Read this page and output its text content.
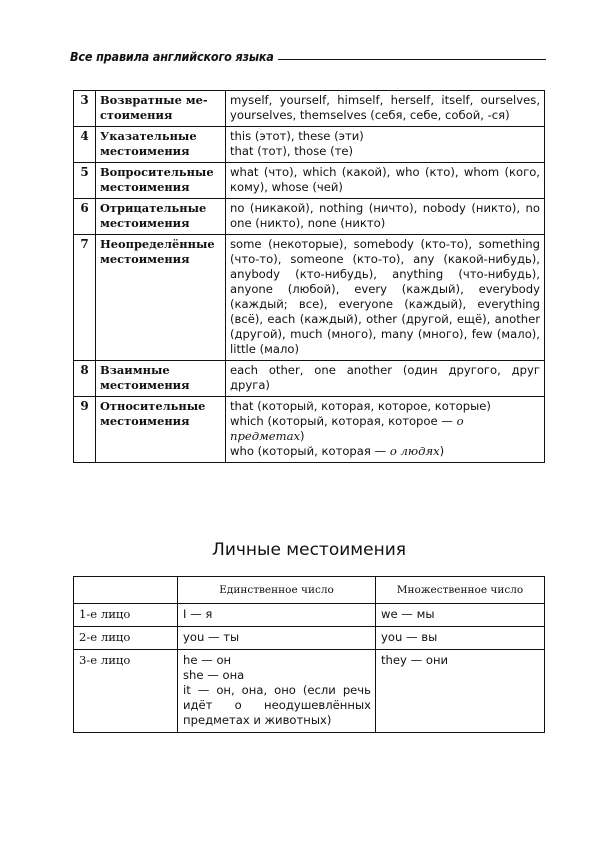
Все правила английского языка
3	Возвратные ме-стоимения	myself, yourself, himself, herself, itself, ourselves, yourselves, themselves (себя, себе, собой, -ся)

4	Указательные местоимения	this (этот), these (эти)
that (тот), those (те)

5	Вопросительные местоимения	what (что), which (какой), who (кто), whom (кого, кому), whose (чей)

6	Отрицательные местоимения	no (никакой), nothing (ничто), nobody (никто), no one (никто), none (никто)

7	Неопределённые местоимения	some (некоторые), somebody (кто-то), something (что-то), someone (кто-то), any (какой-нибудь), anybody (кто-нибудь), anything (что-нибудь), anyone (любой), every (каждый), everybody (каждый; все), everyone (каждый), everything (всё), each (каждый), other (другой, ещё), another (другой), much (много), many (много), few (мало), little (мало)

8	Взаимные местоимения	each other, one another (один другого, друг друга)

9	Относительные местоимения	that (который, которая, которое, которые)
which (который, которая, которое — о предметах)
who (который, которая — о людях)
Личные местоимения
	Единственное число	Множественное число
1-е лицо	I — я	we — мы
2-е лицо	you — ты	you — вы
3-е лицо	he — он
she — она
it — он, она, оно (если речь идёт о неодушевлённых предметах и животных)	they — они
